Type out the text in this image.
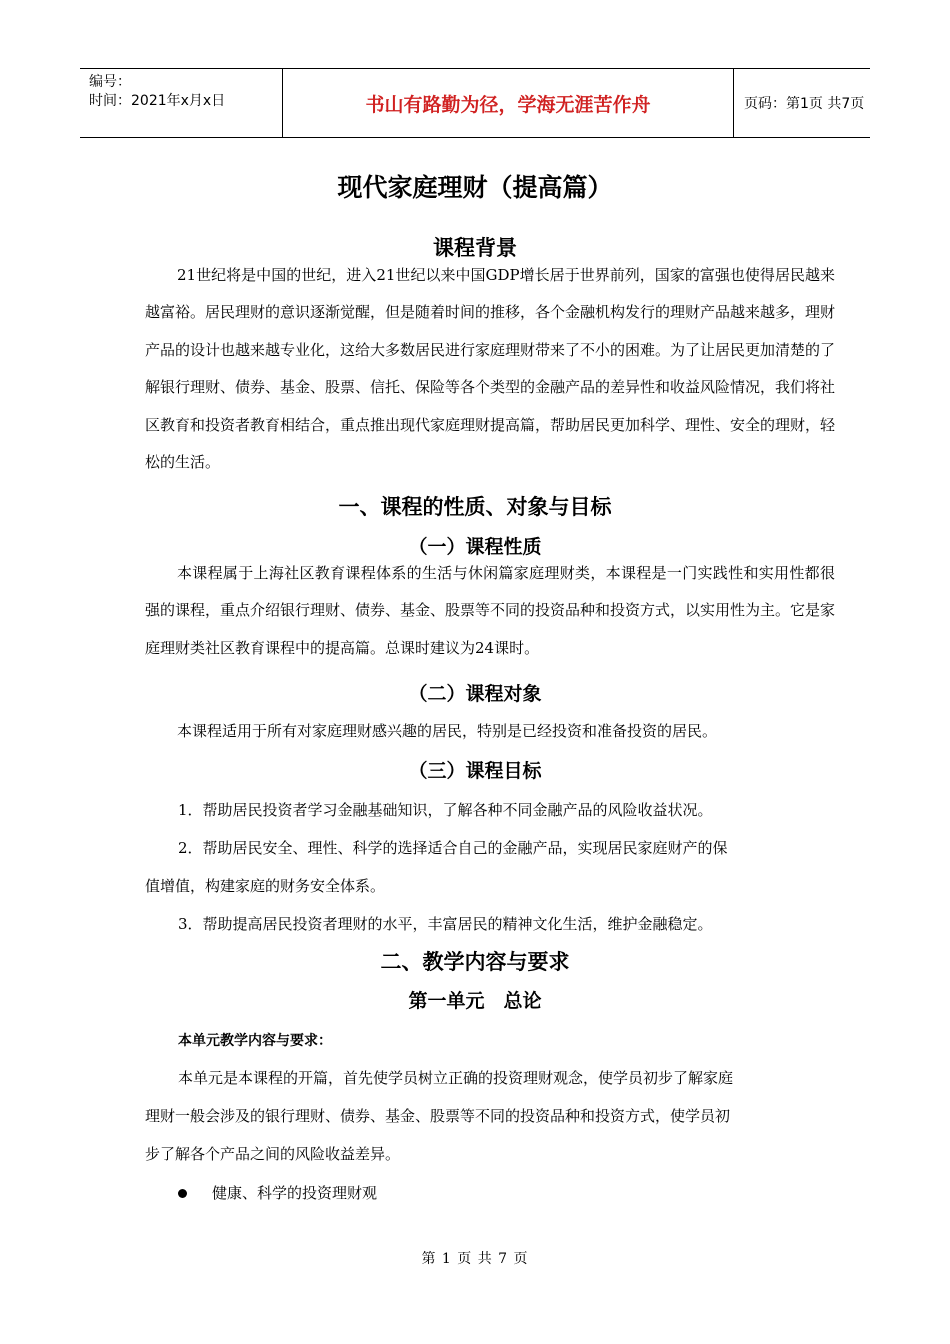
编号：
时间：2021年x月x日	书山有路勤为径，学海无涯苦作舟	页码：第1页 共7页
现代家庭理财（提高篇）
课程背景
21世纪将是中国的世纪，进入21世纪以来中国GDP增长居于世界前列，国家的富强也使得居民越来越富裕。居民理财的意识逐渐觉醒，但是随着时间的推移，各个金融机构发行的理财产品越来越多，理财产品的设计也越来越专业化，这给大多数居民进行家庭理财带来了不小的困难。为了让居民更加清楚的了解银行理财、债券、基金、股票、信托、保险等各个类型的金融产品的差异性和收益风险情况，我们将社区教育和投资者教育相结合，重点推出现代家庭理财提高篇，帮助居民更加科学、理性、安全的理财，轻松的生活。
一、课程的性质、对象与目标
（一）课程性质
本课程属于上海社区教育课程体系的生活与休闲篇家庭理财类，本课程是一门实践性和实用性都很强的课程，重点介绍银行理财、债券、基金、股票等不同的投资品种和投资方式，以实用性为主。它是家庭理财类社区教育课程中的提高篇。总课时建议为24课时。
（二）课程对象
本课程适用于所有对家庭理财感兴趣的居民，特别是已经投资和准备投资的居民。
（三）课程目标
1．帮助居民投资者学习金融基础知识，了解各种不同金融产品的风险收益状况。
2．帮助居民安全、理性、科学的选择适合自己的金融产品，实现居民家庭财产的保
值增值，构建家庭的财务安全体系。
3．帮助提高居民投资者理财的水平，丰富居民的精神文化生活，维护金融稳定。
二、教学内容与要求
第一单元　总论
本单元教学内容与要求：
本单元是本课程的开篇，首先使学员树立正确的投资理财观念，使学员初步了解家庭
理财一般会涉及的银行理财、债券、基金、股票等不同的投资品种和投资方式，使学员初
步了解各个产品之间的风险收益差异。
健康、科学的投资理财观
第 1 页 共 7 页
